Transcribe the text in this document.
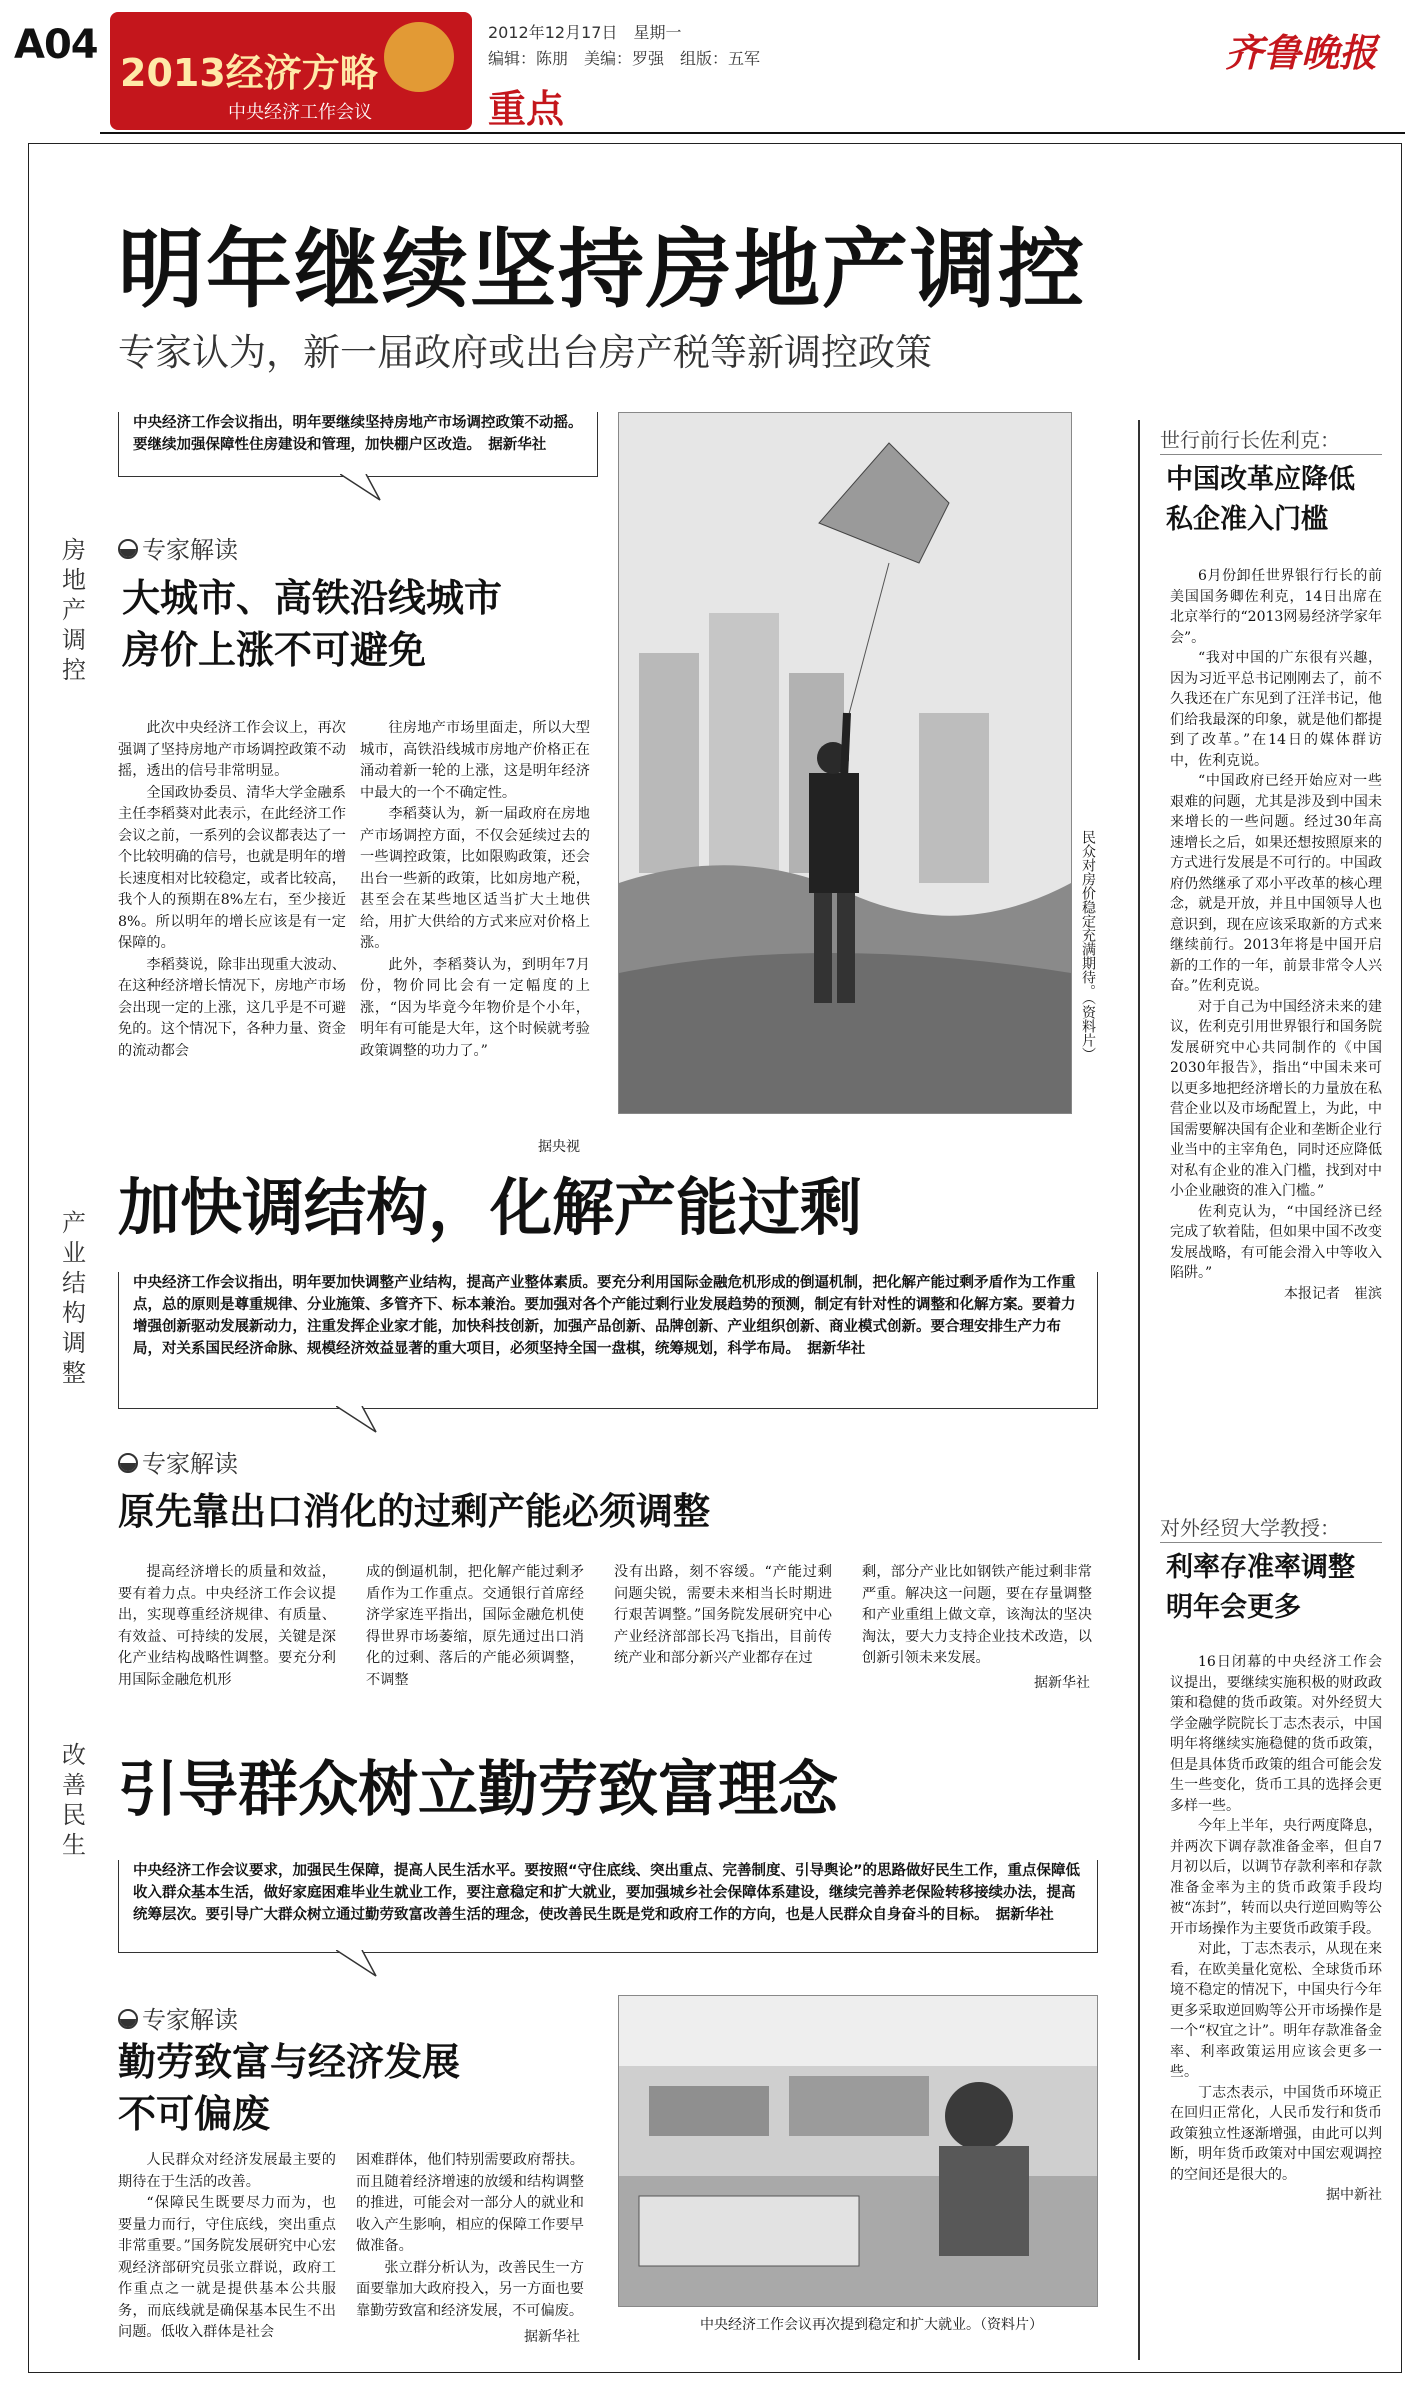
A04
2013经济方略
中央经济工作会议	重点
2012年12月17日　星期一
编辑：陈朋　美编：罗强　组版：五军	齐鲁晚报
明年继续坚持房地产调控
专家认为，新一届政府或出台房产税等新调控政策
房地产调控
中央经济工作会议指出，明年要继续坚持房地产市场调控政策不动摇。要继续加强保障性住房建设和管理，加快棚户区改造。　据新华社
专家解读
大城市、高铁沿线城市
房价上涨不可避免

此次中央经济工作会议上，再次强调了坚持房地产市场调控政策不动摇，透出的信号非常明显。

全国政协委员、清华大学金融系主任李稻葵对此表示，在此经济工作会议之前，一系列的会议都表达了一个比较明确的信号，也就是明年的增长速度相对比较稳定，或者比较高，我个人的预期在8%左右，至少接近8%。所以明年的增长应该是有一定保障的。

李稻葵说，除非出现重大波动、在这种经济增长情况下，房地产市场会出现一定的上涨，这几乎是不可避免的。这个情况下，各种力量、资金的流动都会

往房地产市场里面走，所以大型城市，高铁沿线城市房地产价格正在涌动着新一轮的上涨，这是明年经济中最大的一个不确定性。

李稻葵认为，新一届政府在房地产市场调控方面，不仅会延续过去的一些调控政策，比如限购政策，还会出台一些新的政策，比如房地产税，甚至会在某些地区适当扩大土地供给，用扩大供给的方式来应对价格上涨。

此外，李稻葵认为，到明年7月份，物价同比会有一定幅度的上涨，“因为毕竟今年物价是个小年，明年有可能是大年，这个时候就考验政策调整的功力了。”

据央视
民众对房价稳定充满期待。（资料片）
产业结构调整
加快调结构，化解产能过剩
中央经济工作会议指出，明年要加快调整产业结构，提高产业整体素质。要充分利用国际金融危机形成的倒逼机制，把化解产能过剩矛盾作为工作重点，总的原则是尊重规律、分业施策、多管齐下、标本兼治。要加强对各个产能过剩行业发展趋势的预测，制定有针对性的调整和化解方案。要着力增强创新驱动发展新动力，注重发挥企业家才能，加快科技创新，加强产品创新、品牌创新、产业组织创新、商业模式创新。要合理安排生产力布局，对关系国民经济命脉、规模经济效益显著的重大项目，必须坚持全国一盘棋，统筹规划，科学布局。　据新华社
专家解读
原先靠出口消化的过剩产能必须调整

提高经济增长的质量和效益，要有着力点。中央经济工作会议提出，实现尊重经济规律、有质量、有效益、可持续的发展，关键是深化产业结构战略性调整。要充分利用国际金融危机形

成的倒逼机制，把化解产能过剩矛盾作为工作重点。交通银行首席经济学家连平指出，国际金融危机使得世界市场萎缩，原先通过出口消化的过剩、落后的产能必须调整，不调整

没有出路，刻不容缓。“产能过剩问题尖锐，需要未来相当长时期进行艰苦调整。”国务院发展研究中心产业经济部部长冯飞指出，目前传统产业和部分新兴产业都存在过

剩，部分产业比如钢铁产能过剩非常严重。解决这一问题，要在存量调整和产业重组上做文章，该淘汰的坚决淘汰，要大力支持企业技术改造，以创新引领未来发展。

据新华社
改善民生
引导群众树立勤劳致富理念
中央经济工作会议要求，加强民生保障，提高人民生活水平。要按照“守住底线、突出重点、完善制度、引导舆论”的思路做好民生工作，重点保障低收入群众基本生活，做好家庭困难毕业生就业工作，要注意稳定和扩大就业，要加强城乡社会保障体系建设，继续完善养老保险转移接续办法，提高统筹层次。要引导广大群众树立通过勤劳致富改善生活的理念，使改善民生既是党和政府工作的方向，也是人民群众自身奋斗的目标。　据新华社
专家解读
勤劳致富与经济发展
不可偏废

人民群众对经济发展最主要的期待在于生活的改善。

“保障民生既要尽力而为，也要量力而行，守住底线，突出重点非常重要。”国务院发展研究中心宏观经济部研究员张立群说，政府工作重点之一就是提供基本公共服务，而底线就是确保基本民生不出问题。低收入群体是社会

困难群体，他们特别需要政府帮扶。而且随着经济增速的放缓和结构调整的推进，可能会对一部分人的就业和收入产生影响，相应的保障工作要早做准备。

张立群分析认为，改善民生一方面要靠加大政府投入，另一方面也要靠勤劳致富和经济发展，不可偏废。

据新华社
中央经济工作会议再次提到稳定和扩大就业。（资料片）
世行前行长佐利克：
中国改革应降低
私企准入门槛

6月份卸任世界银行行长的前美国国务卿佐利克，14日出席在北京举行的“2013网易经济学家年会”。

“我对中国的广东很有兴趣，因为习近平总书记刚刚去了，前不久我还在广东见到了汪洋书记，他们给我最深的印象，就是他们都提到了改革。”在14日的媒体群访中，佐利克说。

“中国政府已经开始应对一些艰难的问题，尤其是涉及到中国未来增长的一些问题。经过30年高速增长之后，如果还想按照原来的方式进行发展是不可行的。中国政府仍然继承了邓小平改革的核心理念，就是开放，并且中国领导人也意识到，现在应该采取新的方式来继续前行。2013年将是中国开启新的工作的一年，前景非常令人兴奋。”佐利克说。

对于自己为中国经济未来的建议，佐利克引用世界银行和国务院发展研究中心共同制作的《中国2030年报告》，指出“中国未来可以更多地把经济增长的力量放在私营企业以及市场配置上，为此，中国需要解决国有企业和垄断企业行业当中的主宰角色，同时还应降低对私有企业的准入门槛，找到对中小企业融资的准入门槛。”

佐利克认为，“中国经济已经完成了软着陆，但如果中国不改变发展战略，有可能会滑入中等收入陷阱。”

本报记者　崔滨
对外经贸大学教授：
利率存准率调整
明年会更多

16日闭幕的中央经济工作会议提出，要继续实施积极的财政政策和稳健的货币政策。对外经贸大学金融学院院长丁志杰表示，中国明年将继续实施稳健的货币政策，但是具体货币政策的组合可能会发生一些变化，货币工具的选择会更多样一些。

今年上半年，央行两度降息，并两次下调存款准备金率，但自7月初以后，以调节存款利率和存款准备金率为主的货币政策手段均被“冻封”，转而以央行逆回购等公开市场操作为主要货币政策手段。

对此，丁志杰表示，从现在来看，在欧美量化宽松、全球货币环境不稳定的情况下，中国央行今年更多采取逆回购等公开市场操作是一个“权宜之计”。明年存款准备金率、利率政策运用应该会更多一些。

丁志杰表示，中国货币环境正在回归正常化，人民币发行和货币政策独立性逐渐增强，由此可以判断，明年货币政策对中国宏观调控的空间还是很大的。

据中新社
